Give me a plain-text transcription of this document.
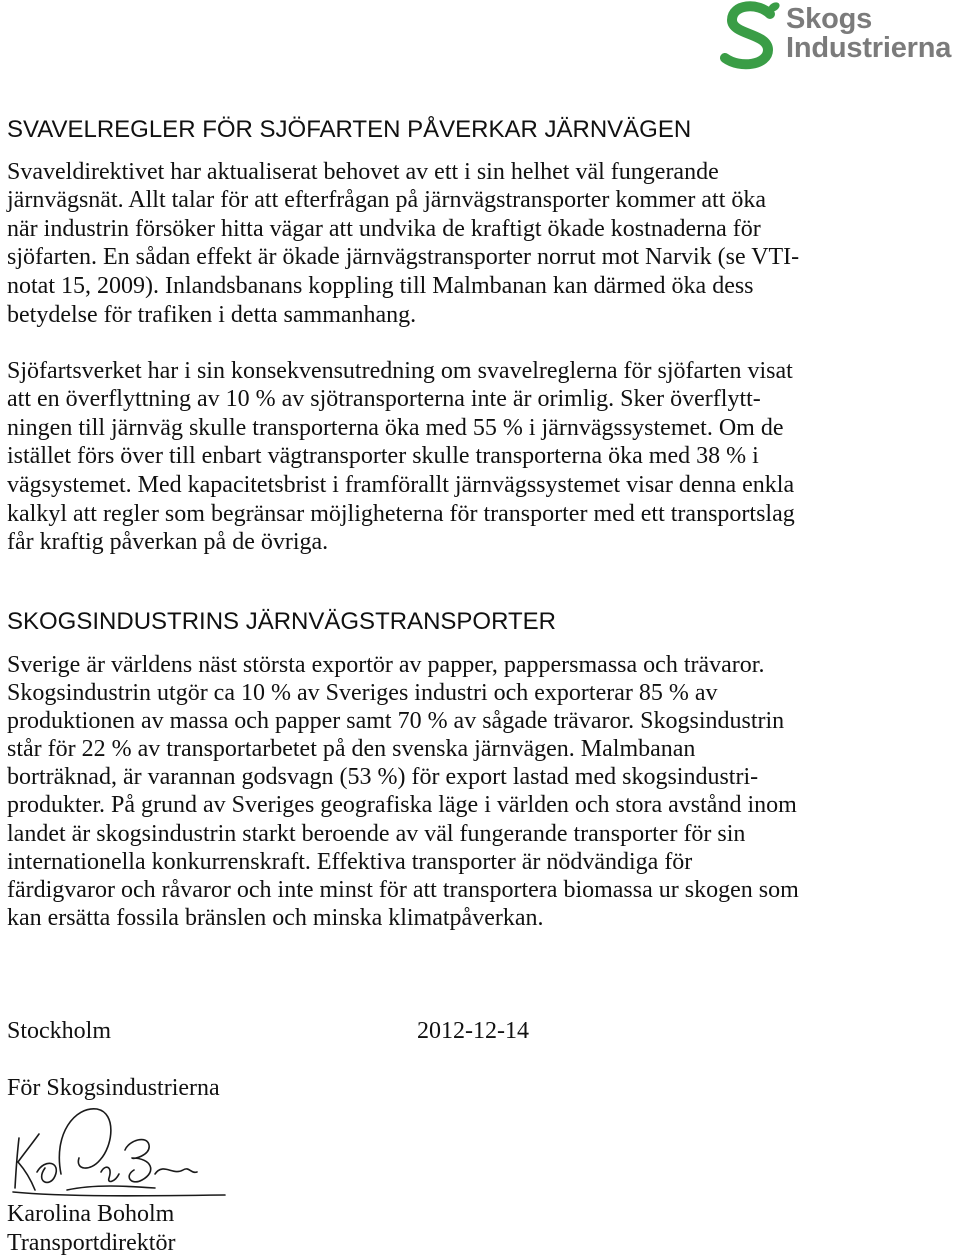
Skogs
Industrierna
SVAVELREGLER FÖR SJÖFARTEN PÅVERKAR JÄRNVÄGEN
Svaveldirektivet har aktualiserat behovet av ett i sin helhet väl fungerande
järnvägsnät. Allt talar för att efterfrågan på järnvägstransporter kommer att öka
när industrin försöker hitta vägar att undvika de kraftigt ökade kostnaderna för
sjöfarten. En sådan effekt är ökade järnvägstransporter norrut mot Narvik (se VTI-
notat 15, 2009). Inlandsbanans koppling till Malmbanan kan därmed öka dess
betydelse för trafiken i detta sammanhang.
Sjöfartsverket har i sin konsekvensutredning om svavelreglerna för sjöfarten visat
att en överflyttning av 10 % av sjötransporterna inte är orimlig. Sker överflytt-
ningen till järnväg skulle transporterna öka med 55 % i järnvägssystemet. Om de
istället förs över till enbart vägtransporter skulle transporterna öka med 38 % i
vägsystemet. Med kapacitetsbrist i framförallt järnvägssystemet visar denna enkla
kalkyl att regler som begränsar möjligheterna för transporter med ett transportslag
får kraftig påverkan på de övriga.
SKOGSINDUSTRINS JÄRNVÄGSTRANSPORTER
Sverige är världens näst största exportör av papper, pappersmassa och trävaror.
Skogsindustrin utgör ca 10 % av Sveriges industri och exporterar 85 % av
produktionen av massa och papper samt 70 % av sågade trävaror. Skogsindustrin
står för 22 % av transportarbetet på den svenska järnvägen. Malmbanan
borträknad, är varannan godsvagn (53 %) för export lastad med skogsindustri-
produkter. På grund av Sveriges geografiska läge i världen och stora avstånd inom
landet är skogsindustrin starkt beroende av väl fungerande transporter för sin
internationella konkurrenskraft. Effektiva transporter är nödvändiga för
färdigvaror och råvaror och inte minst för att transportera biomassa ur skogen som
kan ersätta fossila bränslen och minska klimatpåverkan.
Stockholm	2012-12-14
För Skogsindustrierna
Karolina Boholm
Transportdirektör
